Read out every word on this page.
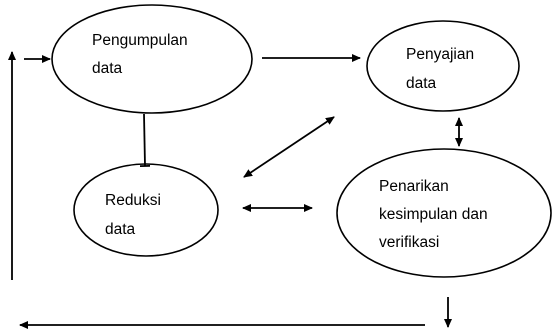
Pengumpulan
data
Penyajian
data
Reduksi
data
Penarikan
kesimpulan dan
verifikasi
